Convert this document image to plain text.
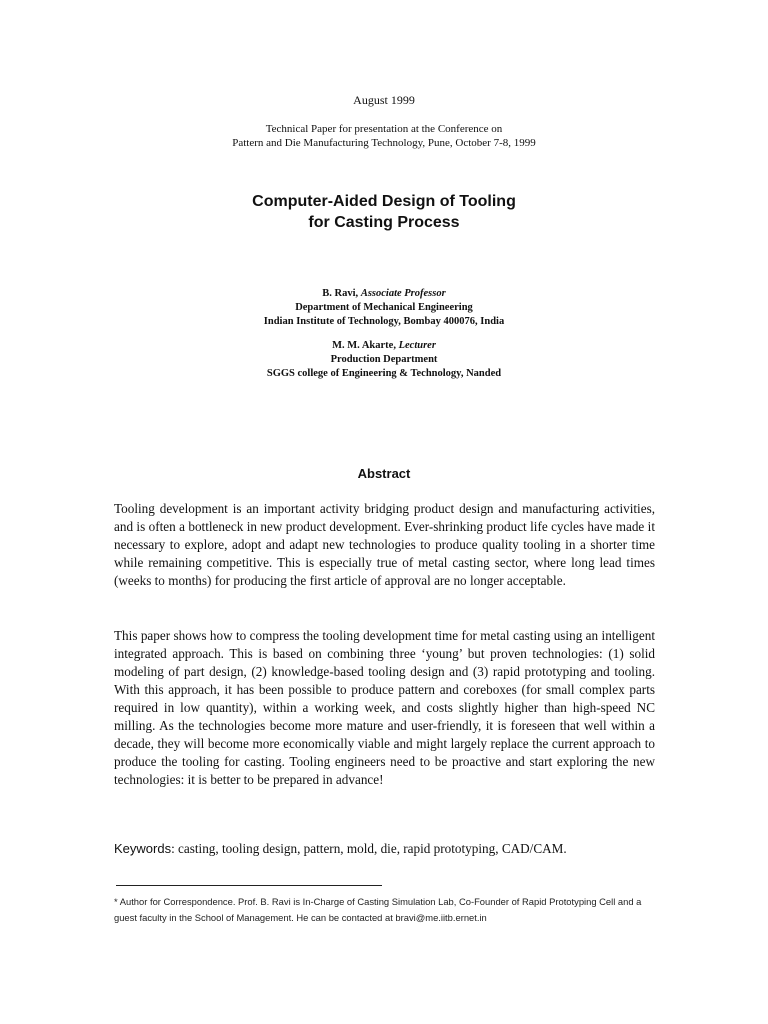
August 1999
Technical Paper for presentation at the Conference on
Pattern and Die Manufacturing Technology, Pune, October 7-8, 1999
Computer-Aided Design of Tooling
for Casting Process
B. Ravi, Associate Professor
Department of Mechanical Engineering
Indian Institute of Technology, Bombay 400076, India
M. M. Akarte, Lecturer
Production Department
SGGS college of Engineering & Technology, Nanded
Abstract

Tooling development is an important activity bridging product design and manufacturing activities, and is often a bottleneck in new product development. Ever-shrinking product life cycles have made it necessary to explore, adopt and adapt new technologies to produce quality tooling in a shorter time while remaining competitive. This is especially true of metal casting sector, where long lead times (weeks to months) for producing the first article of approval are no longer acceptable.

This paper shows how to compress the tooling development time for metal casting using an intelligent integrated approach. This is based on combining three ‘young’ but proven technologies: (1) solid modeling of part design, (2) knowledge-based tooling design and (3) rapid prototyping and tooling. With this approach, it has been possible to produce pattern and coreboxes (for small complex parts required in low quantity), within a working week, and costs slightly higher than high-speed NC milling. As the technologies become more mature and user-friendly, it is foreseen that well within a decade, they will become more economically viable and might largely replace the current approach to produce the tooling for casting. Tooling engineers need to be proactive and start exploring the new technologies: it is better to be prepared in advance!

Keywords: casting, tooling design, pattern, mold, die, rapid prototyping, CAD/CAM.
* Author for Correspondence. Prof. B. Ravi is In-Charge of Casting Simulation Lab, Co-Founder of Rapid Prototyping Cell and a guest faculty in the School of Management. He can be contacted at bravi@me.iitb.ernet.in
